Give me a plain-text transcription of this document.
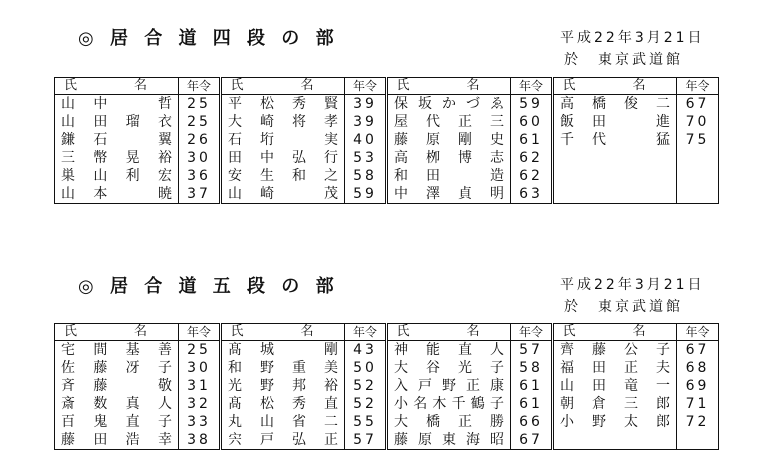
◎ 居 合 道 四 段 の 部	平成22年3月21日
於　東京武道館
氏　名	年令	氏　名	年令	氏　名	年令	氏　名	年令
山中　哲	25	平松秀賢	39	保坂かづゑ	59	高橋俊二	67
山田瑠衣	25	大崎将孝	39	屋代正三	60	飯田　進	70
鎌石　翼	26	石垳　実	40	藤原剛史	61	千代　猛	75
三幣晃裕	30	田中弘行	53	高栁博志	62		
巣山利宏	36	安生和之	58	和田　造	62		
山本　暁	37	山崎　茂	59	中澤貞明	63		
◎ 居 合 道 五 段 の 部	平成22年3月21日
於　東京武道館
氏　名	年令	氏　名	年令	氏　名	年令	氏　名	年令
宅間基善	25	髙城　剛	43	神能直人	57	齊藤公子	67
佐藤冴子	30	和野重美	50	大谷光子	58	福田正夫	68
斉藤　敬	31	光野邦裕	52	入戸野正康	61	山田竜一	69
斎数真人	32	髙松秀直	52	小名木千鶴子	61	朝倉三郎	71
百鬼直子	33	丸山省二	55	大橋正勝	66	小野太郎	72
藤田浩幸	38	宍戸弘正	57	藤原東海昭	67		
